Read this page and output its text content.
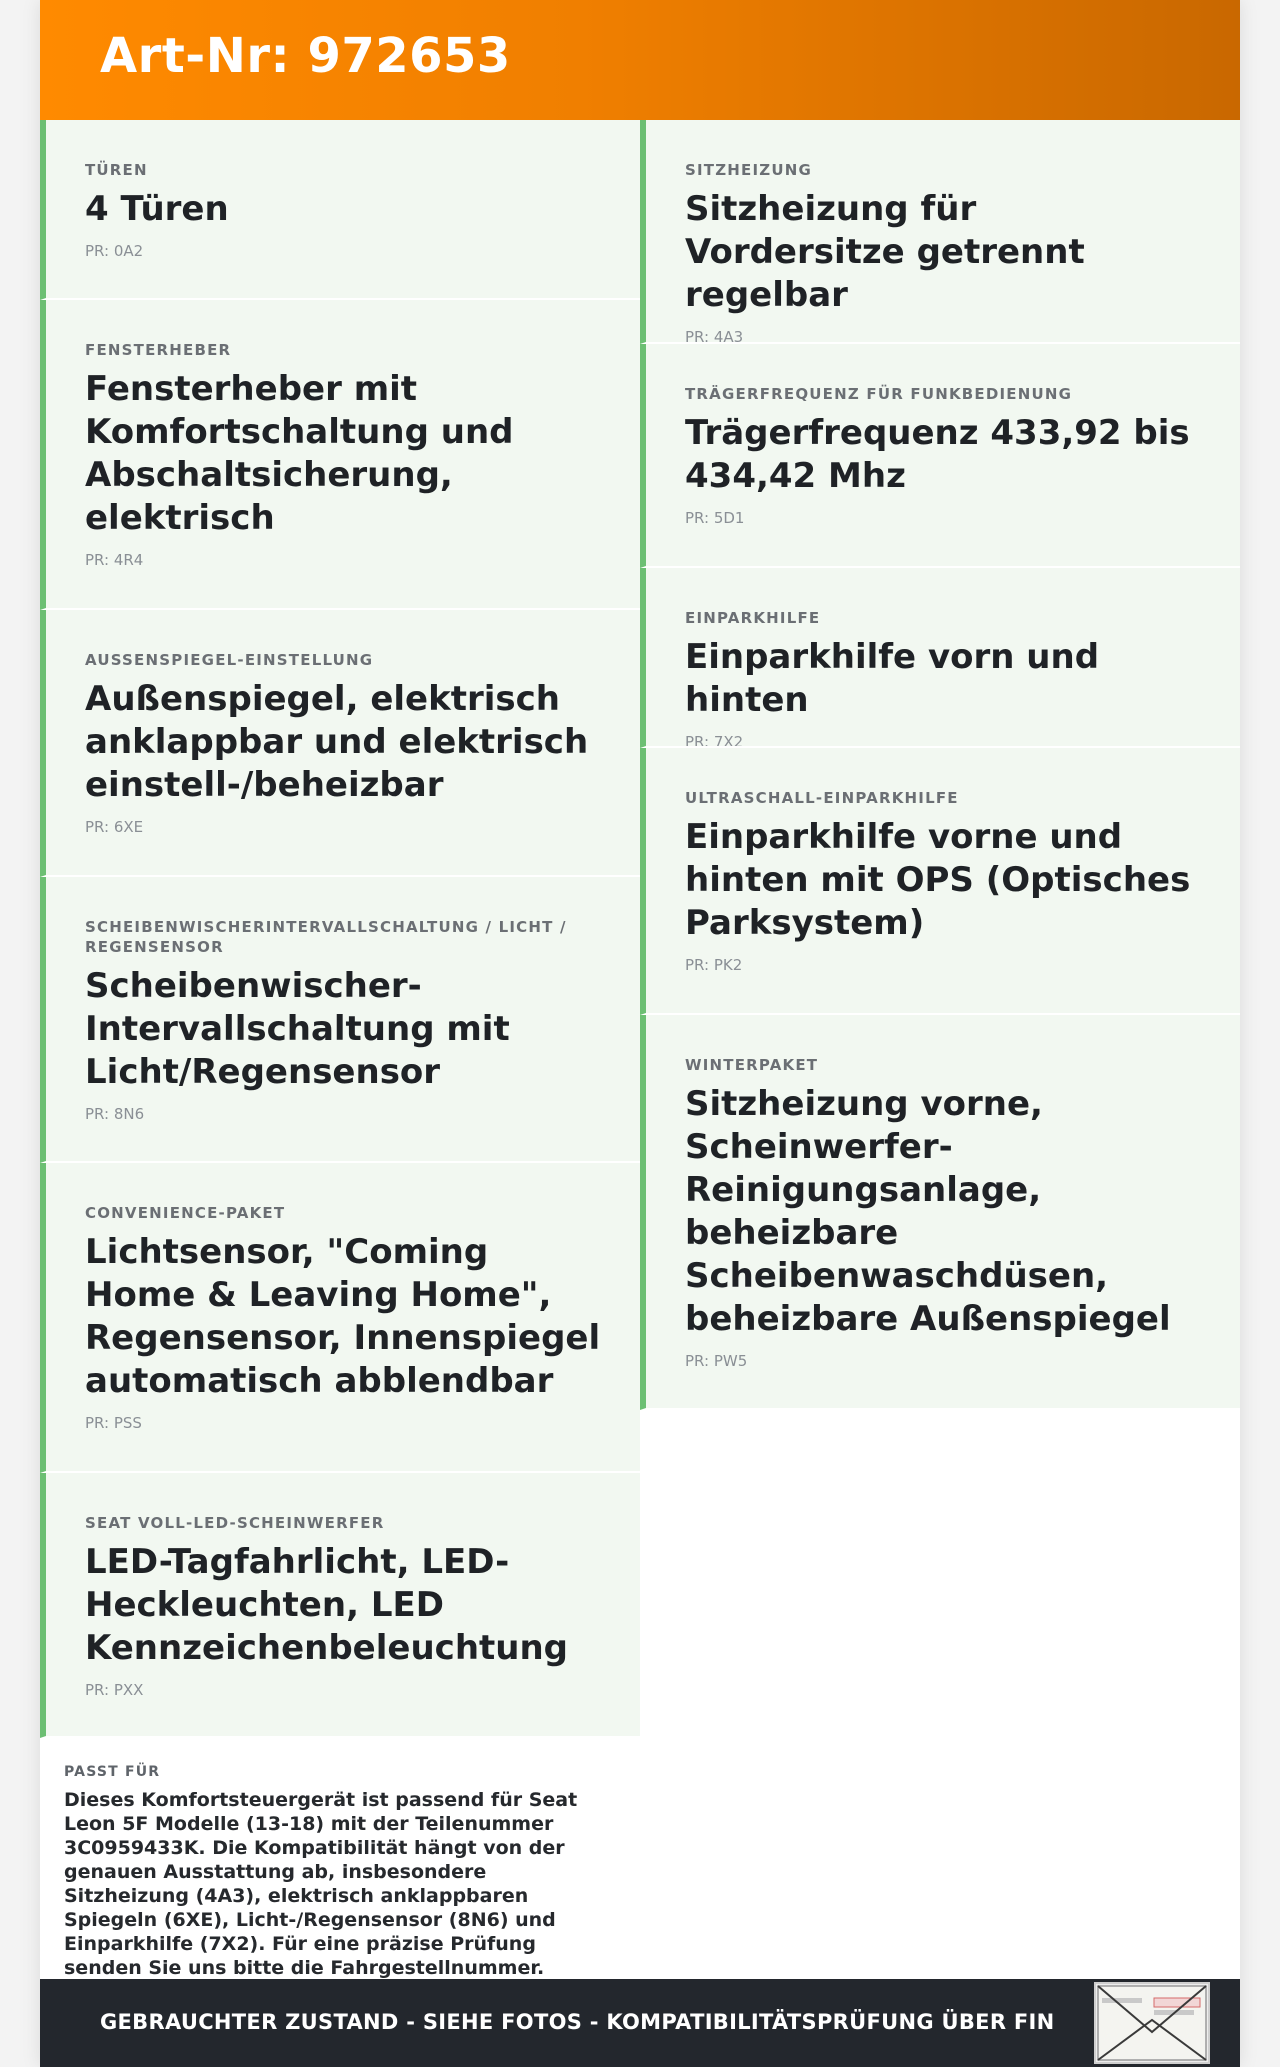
Art-Nr: 972653
TÜREN
4 Türen
PR: 0A2
FENSTERHEBER
Fensterheber mit Komfortschaltung und Abschaltsicherung, elektrisch
PR: 4R4
AUSSENSPIEGEL-EINSTELLUNG
Außenspiegel, elektrisch anklappbar und elektrisch einstell-/beheizbar
PR: 6XE
SCHEIBENWISCHERINTERVALLSCHALTUNG / LICHT / REGENSENSOR
Scheibenwischer-Intervallschaltung mit Licht/Regensensor
PR: 8N6
CONVENIENCE-PAKET
Lichtsensor, "Coming Home & Leaving Home", Regensensor, Innenspiegel automatisch abblendbar
PR: PSS
SEAT VOLL-LED-SCHEINWERFER
LED-Tagfahrlicht, LED-Heckleuchten, LED Kennzeichenbeleuchtung
PR: PXX
SITZHEIZUNG
Sitzheizung für Vordersitze getrennt regelbar
PR: 4A3
TRÄGERFREQUENZ FÜR FUNKBEDIENUNG
Trägerfrequenz 433,92 bis 434,42 Mhz
PR: 5D1
EINPARKHILFE
Einparkhilfe vorn und hinten
PR: 7X2
ULTRASCHALL-EINPARKHILFE
Einparkhilfe vorne und hinten mit OPS (Optisches Parksystem)
PR: PK2
WINTERPAKET
Sitzheizung vorne, Scheinwerfer-Reinigungsanlage, beheizbare Scheibenwaschdüsen, beheizbare Außenspiegel
PR: PW5
PASST FÜR
Dieses Komfortsteuergerät ist passend für Seat Leon 5F Modelle (13-18) mit der Teilenummer 3C0959433K. Die Kompatibilität hängt von der genauen Ausstattung ab, insbesondere Sitzheizung (4A3), elektrisch anklappbaren Spiegeln (6XE), Licht-/Regensensor (8N6) und Einparkhilfe (7X2). Für eine präzise Prüfung senden Sie uns bitte die Fahrgestellnummer.
GEBRAUCHTER ZUSTAND - SIEHE FOTOS - KOMPATIBILITÄTSPRÜFUNG ÜBER FIN
